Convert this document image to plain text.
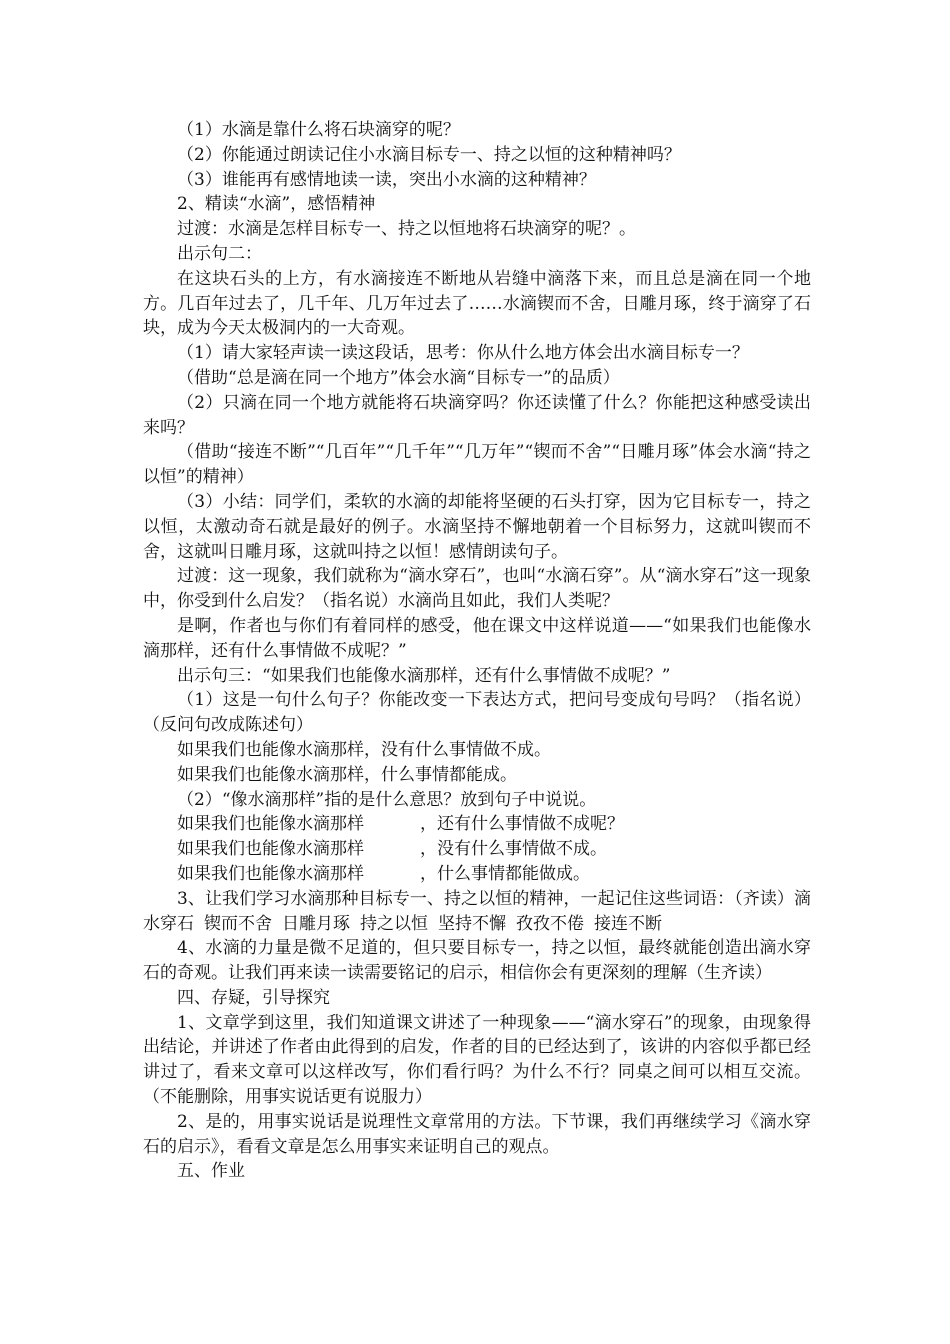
（1）水滴是靠什么将石块滴穿的呢？

（2）你能通过朗读记住小水滴目标专一、持之以恒的这种精神吗？

（3）谁能再有感情地读一读，突出小水滴的这种精神？

2、精读“水滴”，感悟精神

过渡：水滴是怎样目标专一、持之以恒地将石块滴穿的呢？。

出示句二：

在这块石头的上方，有水滴接连不断地从岩缝中滴落下来，而且总是滴在同一个地方。几百年过去了，几千年、几万年过去了……水滴锲而不舍，日雕月琢，终于滴穿了石块，成为今天太极洞内的一大奇观。

（1）请大家轻声读一读这段话，思考：你从什么地方体会出水滴目标专一？

（借助“总是滴在同一个地方”体会水滴“目标专一”的品质）

（2）只滴在同一个地方就能将石块滴穿吗？你还读懂了什么？你能把这种感受读出来吗？

（借助“接连不断”“几百年”“几千年”“几万年”“锲而不舍”“日雕月琢”体会水滴“持之以恒”的精神）

（3）小结：同学们，柔软的水滴的却能将坚硬的石头打穿，因为它目标专一，持之以恒，太激动奇石就是最好的例子。水滴坚持不懈地朝着一个目标努力，这就叫锲而不舍，这就叫日雕月琢，这就叫持之以恒！感情朗读句子。

过渡：这一现象，我们就称为“滴水穿石”，也叫“水滴石穿”。从“滴水穿石”这一现象中，你受到什么启发？（指名说）水滴尚且如此，我们人类呢？

是啊，作者也与你们有着同样的感受，他在课文中这样说道——“如果我们也能像水滴那样，还有什么事情做不成呢？”

出示句三：“如果我们也能像水滴那样，还有什么事情做不成呢？”

（1）这是一句什么句子？你能改变一下表达方式，把问号变成句号吗？（指名说）（反问句改成陈述句）

如果我们也能像水滴那样，没有什么事情做不成。

如果我们也能像水滴那样，什么事情都能成。

（2）“像水滴那样”指的是什么意思？放到句子中说说。

如果我们也能像水滴那样	，还有什么事情做不成呢？

如果我们也能像水滴那样	，没有什么事情做不成。

如果我们也能像水滴那样	，什么事情都能做成。

3、让我们学习水滴那种目标专一、持之以恒的精神，一起记住这些词语：（齐读）滴水穿石 锲而不舍 日雕月琢 持之以恒 坚持不懈 孜孜不倦 接连不断

4、水滴的力量是微不足道的，但只要目标专一，持之以恒，最终就能创造出滴水穿石的奇观。让我们再来读一读需要铭记的启示，相信你会有更深刻的理解（生齐读）

四、存疑，引导探究

1、文章学到这里，我们知道课文讲述了一种现象——“滴水穿石”的现象，由现象得出结论，并讲述了作者由此得到的启发，作者的目的已经达到了，该讲的内容似乎都已经讲过了，看来文章可以这样改写，你们看行吗？为什么不行？同桌之间可以相互交流。（不能删除，用事实说话更有说服力）

2、是的，用事实说话是说理性文章常用的方法。下节课，我们再继续学习《滴水穿石的启示》，看看文章是怎么用事实来证明自己的观点。

五、作业
